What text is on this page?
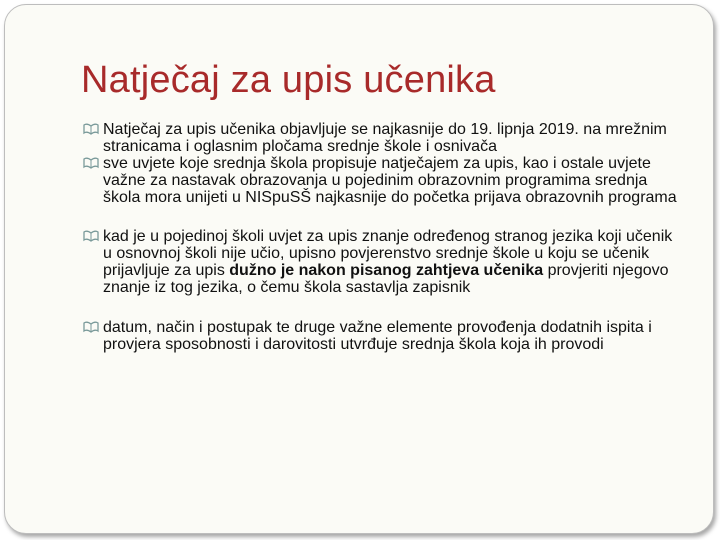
Natječaj za upis učenika
Natječaj za upis učenika objavljuje se najkasnije do 19. lipnja 2019. na mrežnim stranicama i oglasnim pločama srednje škole i osnivača
sve uvjete koje srednja škola propisuje natječajem za upis, kao i ostale uvjete važne za nastavak obrazovanja u pojedinim obrazovnim programima srednja škola mora unijeti u NISpuSŠ najkasnije do početka prijava obrazovnih programa
kad je u pojedinoj školi uvjet za upis znanje određenog stranog jezika koji učenik u osnovnoj školi nije učio, upisno povjerenstvo srednje škole u koju se učenik prijavljuje za upis dužno je nakon pisanog zahtjeva učenika provjeriti njegovo znanje iz tog jezika, o čemu škola sastavlja zapisnik
datum, način i postupak te druge važne elemente provođenja dodatnih ispita i provjera sposobnosti i darovitosti utvrđuje srednja škola koja ih provodi
